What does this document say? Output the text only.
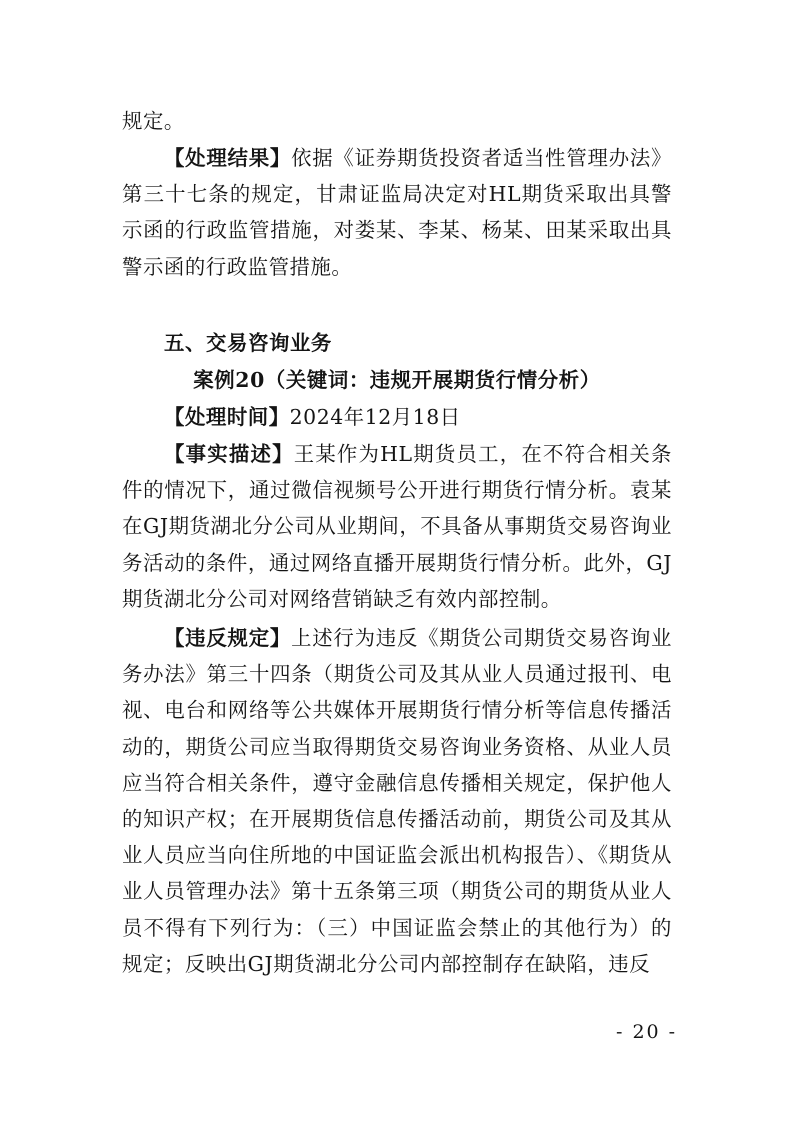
规定。

【处理结果】依据《证券期货投资者适当性管理办法》第三十七条的规定，甘肃证监局决定对HL期货采取出具警示函的行政监管措施，对娄某、李某、杨某、田某采取出具警示函的行政监管措施。

五、交易咨询业务

案例20（关键词：违规开展期货行情分析）

【处理时间】2024年12月18日

【事实描述】王某作为HL期货员工，在不符合相关条件的情况下，通过微信视频号公开进行期货行情分析。袁某在GJ期货湖北分公司从业期间，不具备从事期货交易咨询业务活动的条件，通过网络直播开展期货行情分析。此外，GJ期货湖北分公司对网络营销缺乏有效内部控制。

【违反规定】上述行为违反《期货公司期货交易咨询业务办法》第三十四条（期货公司及其从业人员通过报刊、电视、电台和网络等公共媒体开展期货行情分析等信息传播活动的，期货公司应当取得期货交易咨询业务资格、从业人员应当符合相关条件，遵守金融信息传播相关规定，保护他人的知识产权；在开展期货信息传播活动前，期货公司及其从业人员应当向住所地的中国证监会派出机构报告）、《期货从业人员管理办法》第十五条第三项（期货公司的期货从业人员不得有下列行为：（三）中国证监会禁止的其他行为）的规定；反映出GJ期货湖北分公司内部控制存在缺陷，违反

- 20 -
